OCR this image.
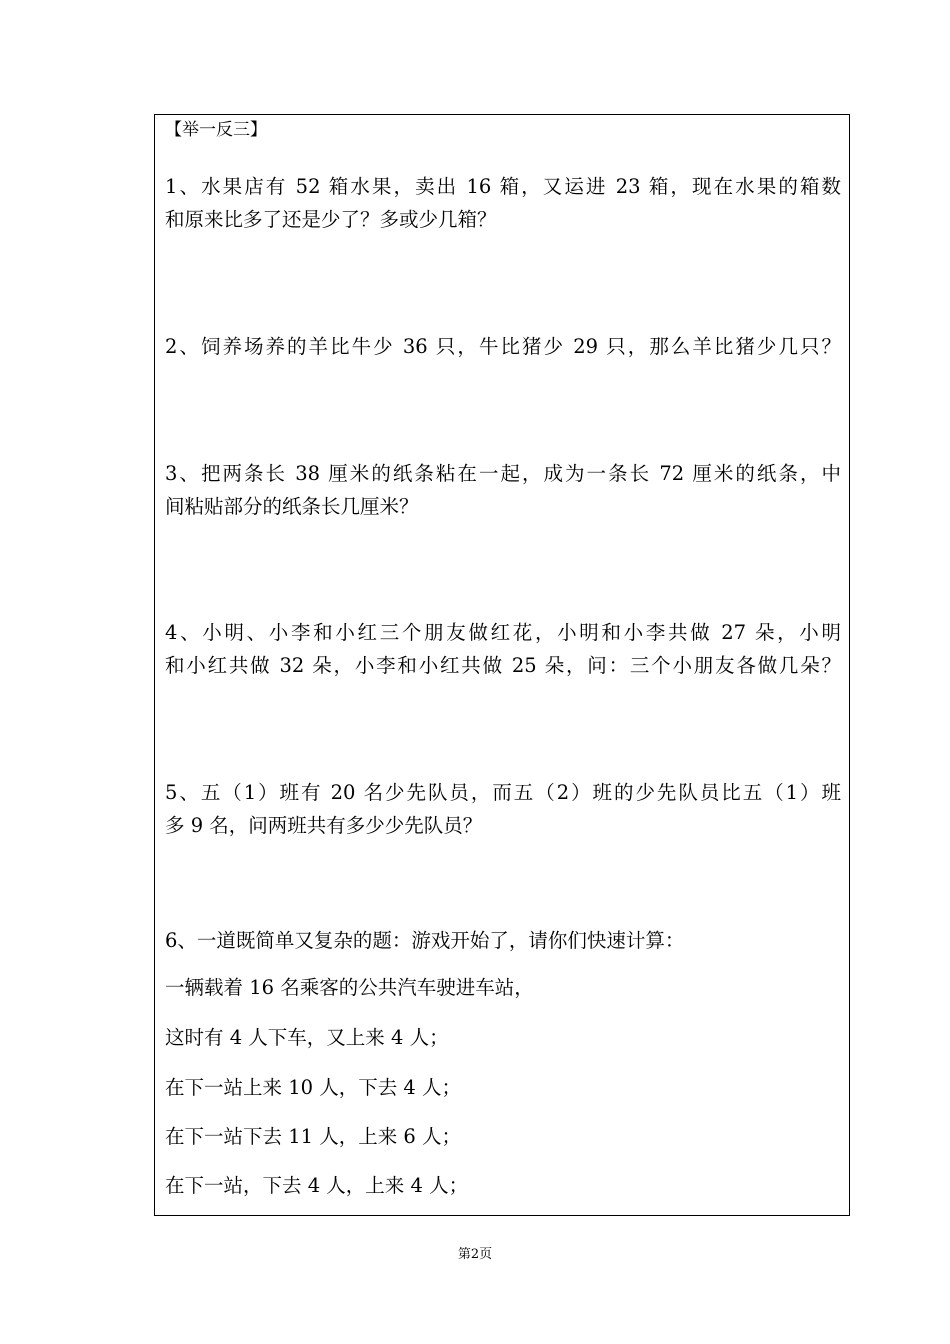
【举一反三】
1、水果店有 52 箱水果，卖出 16 箱，又运进 23 箱，现在水果的箱数
和原来比多了还是少了？多或少几箱？
2、饲养场养的羊比牛少 36 只，牛比猪少 29 只，那么羊比猪少几只？
3、把两条长 38 厘米的纸条粘在一起，成为一条长 72 厘米的纸条，中
间粘贴部分的纸条长几厘米？
4、小明、小李和小红三个朋友做红花，小明和小李共做 27 朵，小明
和小红共做 32 朵，小李和小红共做 25 朵，问：三个小朋友各做几朵？
5、五（1）班有 20 名少先队员，而五（2）班的少先队员比五（1）班
多 9 名，问两班共有多少少先队员？
6、一道既简单又复杂的题：游戏开始了，请你们快速计算：
一辆载着 16 名乘客的公共汽车驶进车站，
这时有 4 人下车，又上来 4 人；
在下一站上来 10 人，下去 4 人；
在下一站下去 11 人，上来 6 人；
在下一站，下去 4 人，上来 4 人；
第2页
